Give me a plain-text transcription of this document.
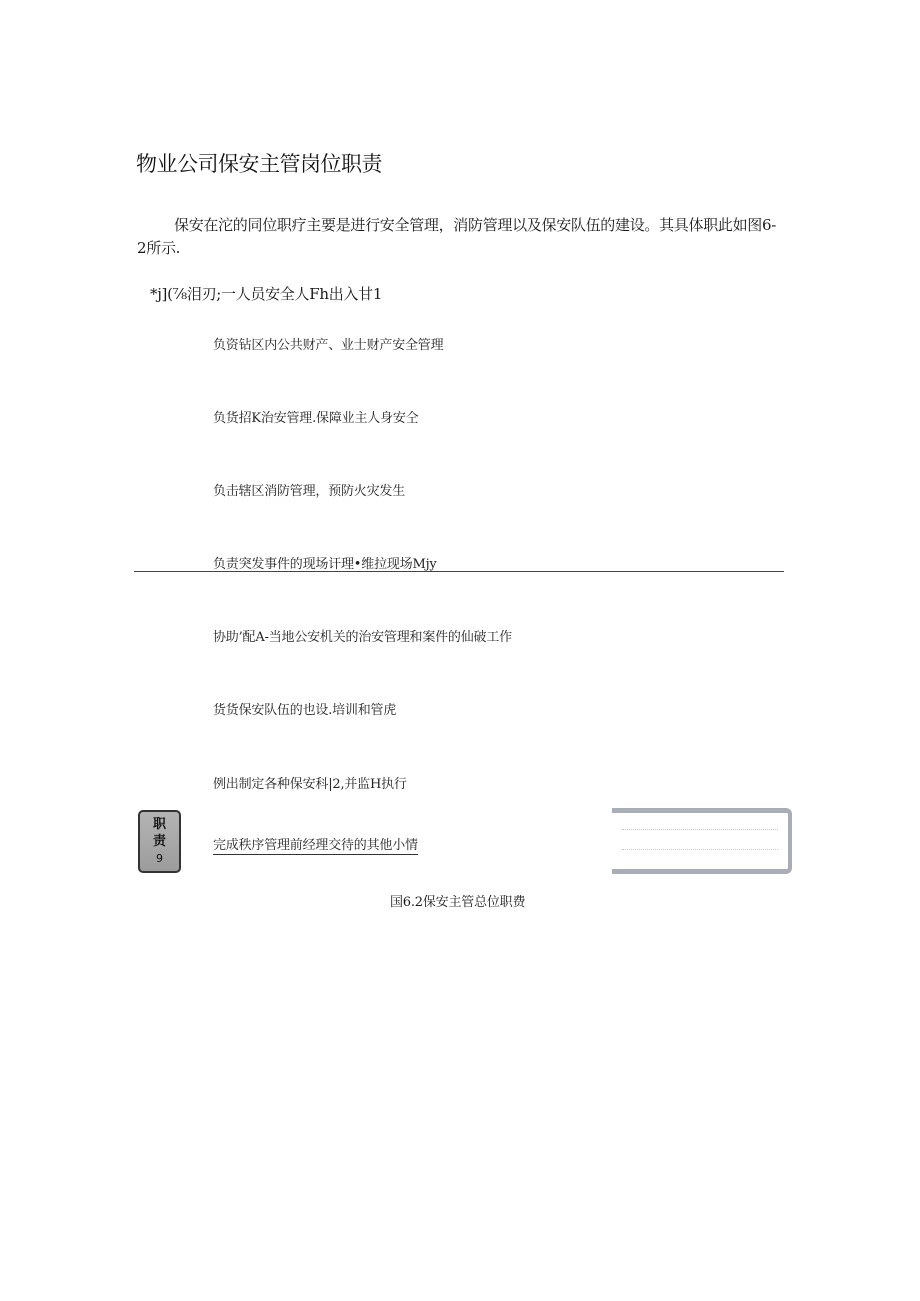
物业公司保安主管岗位职责

保安在沱的同位职疗主要是进行安全管理，消防管理以及保安队伍的建设。其具体职此如图6-2所示.

*j](⅞泪刃;一人员安全人Fh出入甘1
负资钻区内公共财产、业士财产安全管理
负货招K治安管理.保障业主人身安仝
负击辖区消防管理，预防火灾发生
负责突发事件的现场讦理•维拉现场Mjy
协助’配A-当地公安机关的治安管理和案件的仙破工作
货货保安队伍的也设.培训和管虎
例出制定各种保安科|2,并监H执行
完成秩序管理前经理交待的其他小情
职
责
9
国6.2保安主管总位职费
